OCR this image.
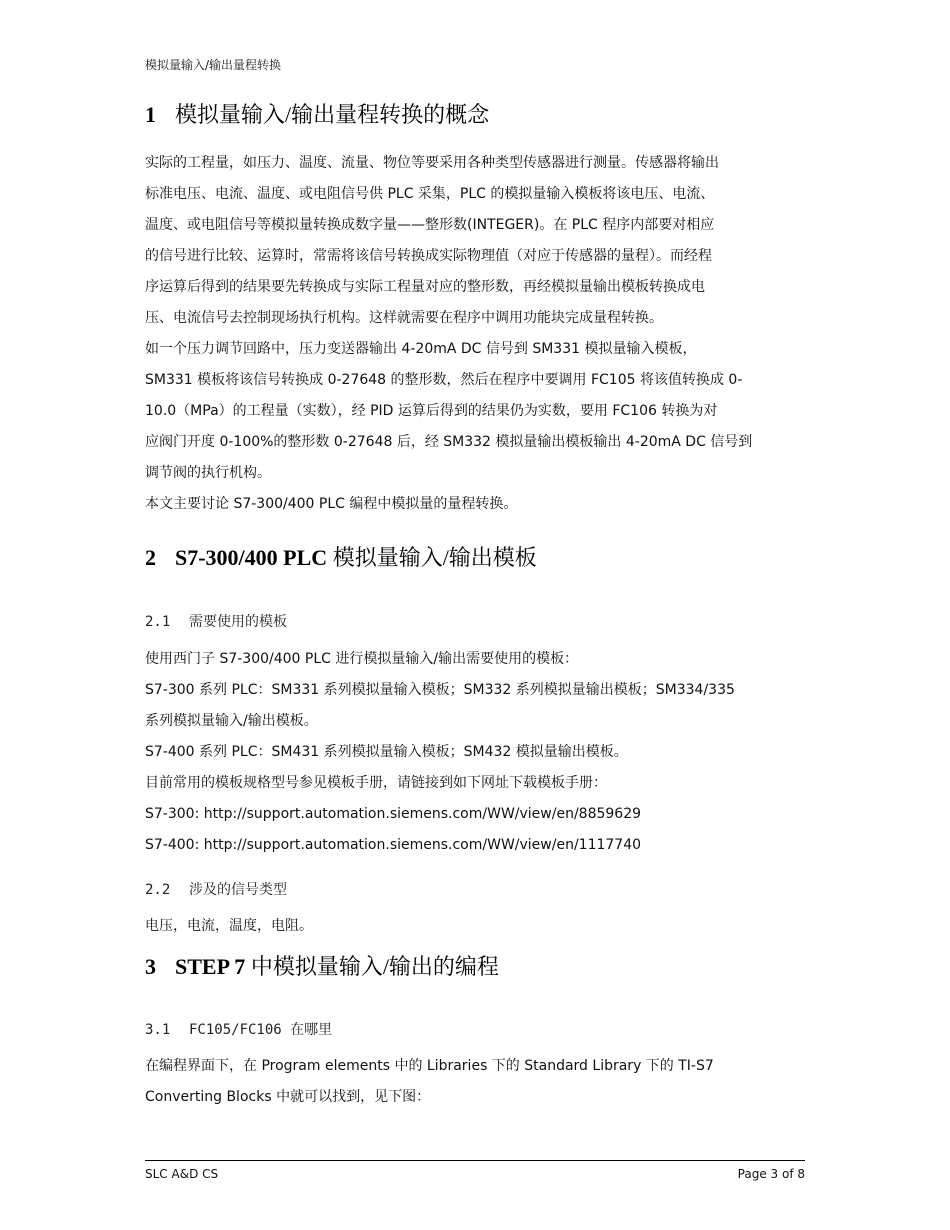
模拟量输入/输出量程转换
1 模拟量输入/输出量程转换的概念
实际的工程量，如压力、温度、流量、物位等要采用各种类型传感器进行测量。传感器将输出
标准电压、电流、温度、或电阻信号供 PLC 采集，PLC 的模拟量输入模板将该电压、电流、
温度、或电阻信号等模拟量转换成数字量——整形数(INTEGER)。在 PLC 程序内部要对相应
的信号进行比较、运算时，常需将该信号转换成实际物理值（对应于传感器的量程）。而经程
序运算后得到的结果要先转换成与实际工程量对应的整形数，再经模拟量输出模板转换成电
压、电流信号去控制现场执行机构。这样就需要在程序中调用功能块完成量程转换。
如一个压力调节回路中，压力变送器输出 4-20mA DC 信号到 SM331 模拟量输入模板，
SM331 模板将该信号转换成 0-27648 的整形数，然后在程序中要调用 FC105 将该值转换成 0-
10.0（MPa）的工程量（实数），经 PID 运算后得到的结果仍为实数，要用 FC106 转换为对
应阀门开度 0-100%的整形数 0-27648 后，经 SM332 模拟量输出模板输出 4-20mA DC 信号到
调节阀的执行机构。
本文主要讨论 S7-300/400 PLC 编程中模拟量的量程转换。
2 S7-300/400 PLC 模拟量输入/输出模板
2.1 需要使用的模板
使用西门子 S7-300/400 PLC 进行模拟量输入/输出需要使用的模板：
S7-300 系列 PLC：SM331 系列模拟量输入模板；SM332 系列模拟量输出模板；SM334/335
系列模拟量输入/输出模板。
S7-400 系列 PLC：SM431 系列模拟量输入模板；SM432 模拟量输出模板。
目前常用的模板规格型号参见模板手册，请链接到如下网址下载模板手册：
S7-300: http://support.automation.siemens.com/WW/view/en/8859629
S7-400: http://support.automation.siemens.com/WW/view/en/1117740
2.2 涉及的信号类型
电压，电流，温度，电阻。
3 STEP 7 中模拟量输入/输出的编程
3.1 FC105/FC106 在哪里
在编程界面下，在 Program elements 中的 Libraries 下的 Standard Library 下的 TI-S7
Converting Blocks 中就可以找到，见下图：
SLC A&D CS	Page 3 of 8
